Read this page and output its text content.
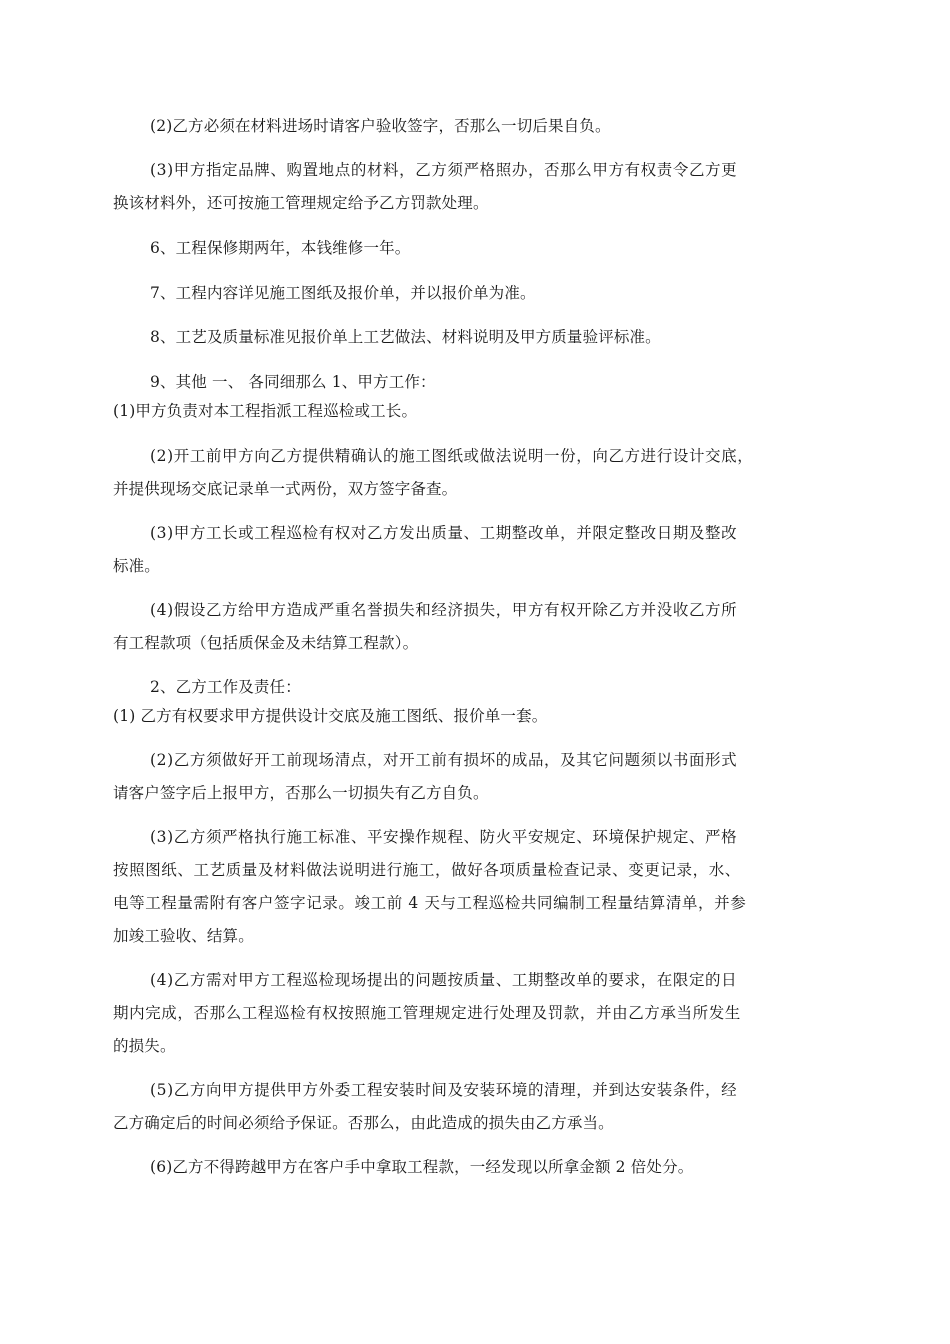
(2)乙方必须在材料进场时请客户验收签字，否那么一切后果自负。
(3)甲方指定品牌、购置地点的材料，乙方须严格照办，否那么甲方有权责令乙方更
换该材料外，还可按施工管理规定给予乙方罚款处理。
6、工程保修期两年，本钱维修一年。
7、工程内容详见施工图纸及报价单，并以报价单为准。
8、工艺及质量标准见报价单上工艺做法、材料说明及甲方质量验评标准。
9、其他 一、 各同细那么 1、甲方工作：
(1)甲方负责对本工程指派工程巡检或工长。
(2)开工前甲方向乙方提供精确认的施工图纸或做法说明一份，向乙方进行设计交底，
并提供现场交底记录单一式两份，双方签字备查。
(3)甲方工长或工程巡检有权对乙方发出质量、工期整改单，并限定整改日期及整改
标准。
(4)假设乙方给甲方造成严重名誉损失和经济损失，甲方有权开除乙方并没收乙方所
有工程款项（包括质保金及未结算工程款）。
2、乙方工作及责任：
(1) 乙方有权要求甲方提供设计交底及施工图纸、报价单一套。
(2)乙方须做好开工前现场清点，对开工前有损坏的成品，及其它问题须以书面形式
请客户签字后上报甲方，否那么一切损失有乙方自负。
(3)乙方须严格执行施工标准、平安操作规程、防火平安规定、环境保护规定、严格
按照图纸、工艺质量及材料做法说明进行施工，做好各项质量检查记录、变更记录，水、
电等工程量需附有客户签字记录。竣工前 4 天与工程巡检共同编制工程量结算清单，并参
加竣工验收、结算。
(4)乙方需对甲方工程巡检现场提出的问题按质量、工期整改单的要求，在限定的日
期内完成，否那么工程巡检有权按照施工管理规定进行处理及罚款，并由乙方承当所发生
的损失。
(5)乙方向甲方提供甲方外委工程安装时间及安装环境的清理，并到达安装条件，经
乙方确定后的时间必须给予保证。否那么，由此造成的损失由乙方承当。
(6)乙方不得跨越甲方在客户手中拿取工程款，一经发现以所拿金额 2 倍处分。
